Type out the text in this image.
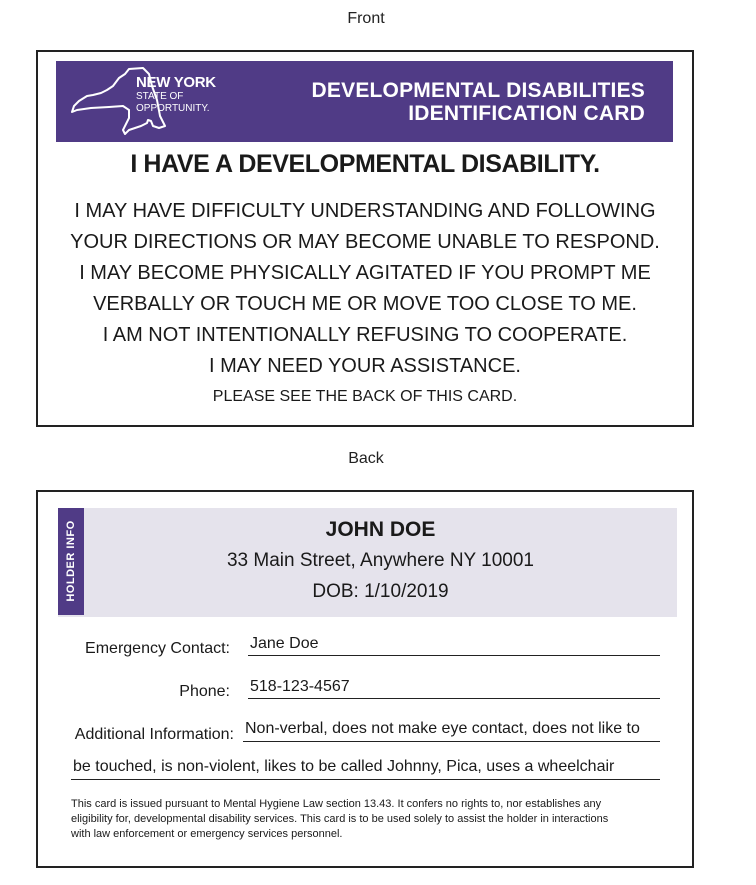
Front
NEW YORK
STATE OF
OPPORTUNITY.
DEVELOPMENTAL DISABILITIES
IDENTIFICATION CARD
I HAVE A DEVELOPMENTAL DISABILITY.
I MAY HAVE DIFFICULTY UNDERSTANDING AND FOLLOWING
YOUR DIRECTIONS OR MAY BECOME UNABLE TO RESPOND.
I MAY BECOME PHYSICALLY AGITATED IF YOU PROMPT ME
VERBALLY OR TOUCH ME OR MOVE TOO CLOSE TO ME.
I AM NOT INTENTIONALLY REFUSING TO COOPERATE.
I MAY NEED YOUR ASSISTANCE.
PLEASE SEE THE BACK OF THIS CARD.
Back
HOLDER INFO	JOHN DOE
33 Main Street, Anywhere NY 10001
DOB: 1/10/2019
Emergency Contact: Jane Doe
Phone: 518-123-4567
Additional Information: Non-verbal, does not make eye contact, does not like to
be touched, is non-violent, likes to be called Johnny, Pica, uses a wheelchair
This card is issued pursuant to Mental Hygiene Law section 13.43. It confers no rights to, nor establishes any
eligibility for, developmental disability services. This card is to be used solely to assist the holder in interactions
with law enforcement or emergency services personnel.
